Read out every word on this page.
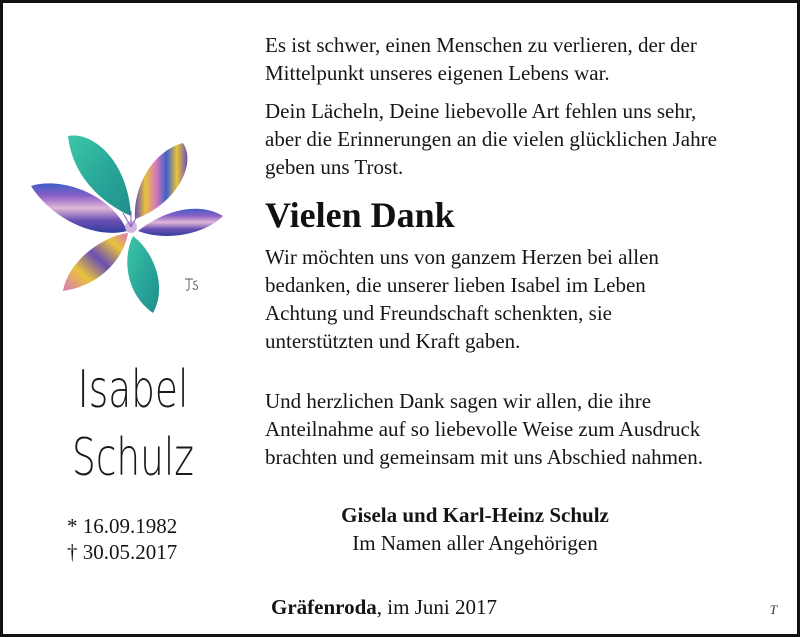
Isabel
Schulz
* 16.09.1982
† 30.05.2017
Es ist schwer, einen Menschen zu verlieren, der der
Mittelpunkt unseres eigenen Lebens war.
Dein Lächeln, Deine liebevolle Art fehlen uns sehr,
aber die Erinnerungen an die vielen glücklichen Jahre
geben uns Trost.
Vielen Dank
Wir möchten uns von ganzem Herzen bei allen
bedanken, die unserer lieben Isabel im Leben
Achtung und Freundschaft schenkten, sie
unterstützten und Kraft gaben.
Und herzlichen Dank sagen wir allen, die ihre
Anteilnahme auf so liebevolle Weise zum Ausdruck
brachten und gemeinsam mit uns Abschied nahmen.
Gisela und Karl-Heinz Schulz
Im Namen aller Angehörigen
Gräfenroda, im Juni 2017	T
